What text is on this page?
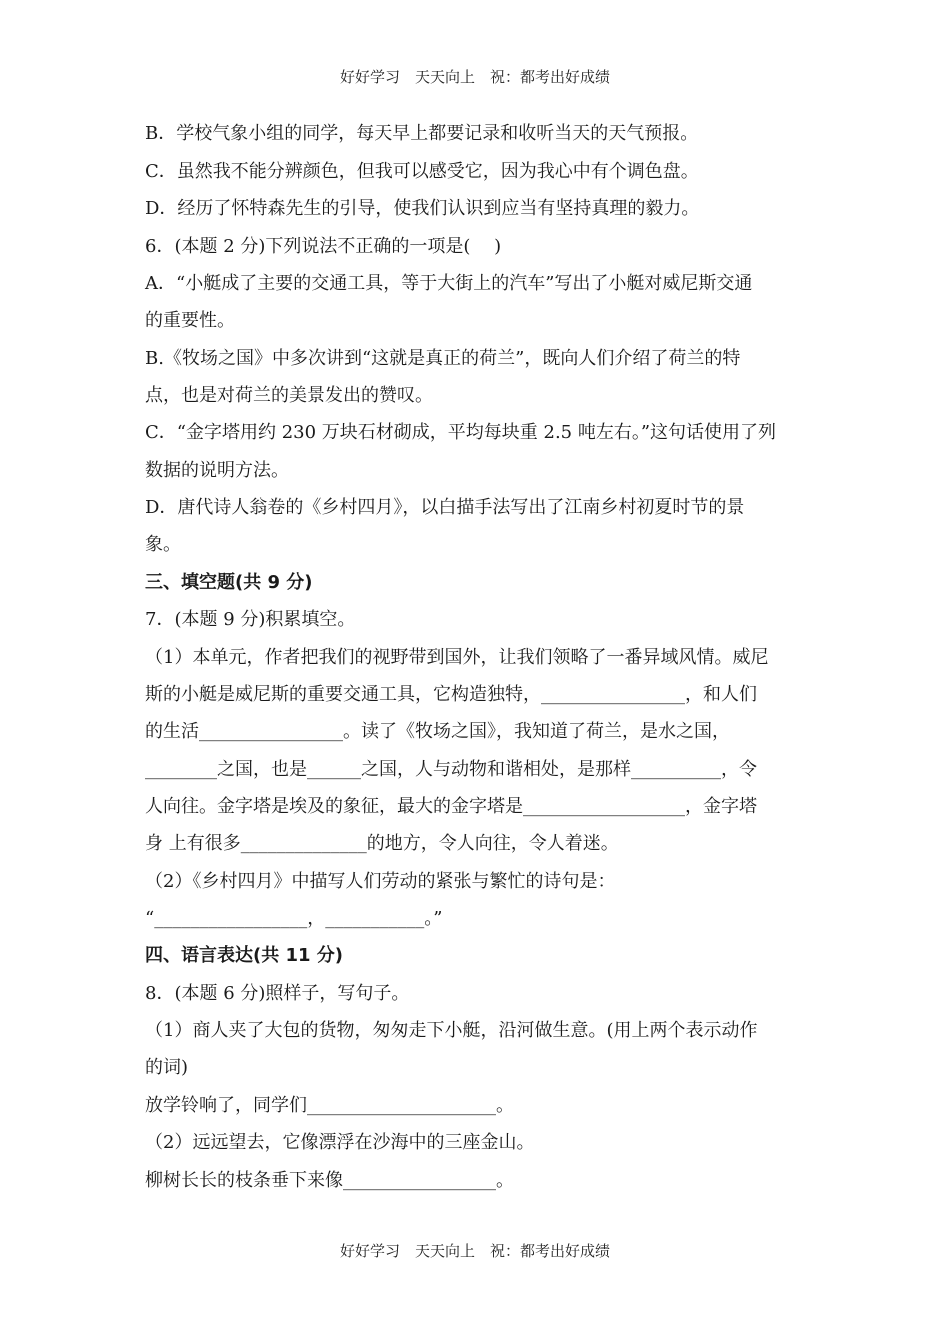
好好学习　天天向上　祝：都考出好成绩
B．学校气象小组的同学，每天早上都要记录和收听当天的天气预报。
C．虽然我不能分辨颜色，但我可以感受它，因为我心中有个调色盘。
D．经历了怀特森先生的引导，使我们认识到应当有坚持真理的毅力。
6．(本题 2 分)下列说法不正确的一项是(　 )
A．“小艇成了主要的交通工具，等于大街上的汽车”写出了小艇对威尼斯交通
的重要性。
B.《牧场之国》中多次讲到“这就是真正的荷兰”，既向人们介绍了荷兰的特
点，也是对荷兰的美景发出的赞叹。
C．“金字塔用约 230 万块石材砌成，平均每块重 2.5 吨左右。”这句话使用了列
数据的说明方法。
D．唐代诗人翁卷的《乡村四月》，以白描手法写出了江南乡村初夏时节的景
象。
三、填空题(共 9 分)
7．(本题 9 分)积累填空。
（1）本单元，作者把我们的视野带到国外，让我们领略了一番异域风情。威尼
斯的小艇是威尼斯的重要交通工具，它构造独特，________________，和人们
的生活________________。读了《牧场之国》，我知道了荷兰，是水之国，
________之国，也是______之国，人与动物和谐相处，是那样__________，令
人向往。金字塔是埃及的象征，最大的金字塔是__________________，金字塔
身 上有很多______________的地方，令人向往，令人着迷。
（2）《乡村四月》中描写人们劳动的紧张与繁忙的诗句是：
“_________________，___________。”
四、语言表达(共 11 分)
8．(本题 6 分)照样子，写句子。
（1）商人夹了大包的货物，匆匆走下小艇，沿河做生意。(用上两个表示动作
的词)
放学铃响了，同学们_____________________。
（2）远远望去，它像漂浮在沙海中的三座金山。
柳树长长的枝条垂下来像_________________。
好好学习　天天向上　祝：都考出好成绩
